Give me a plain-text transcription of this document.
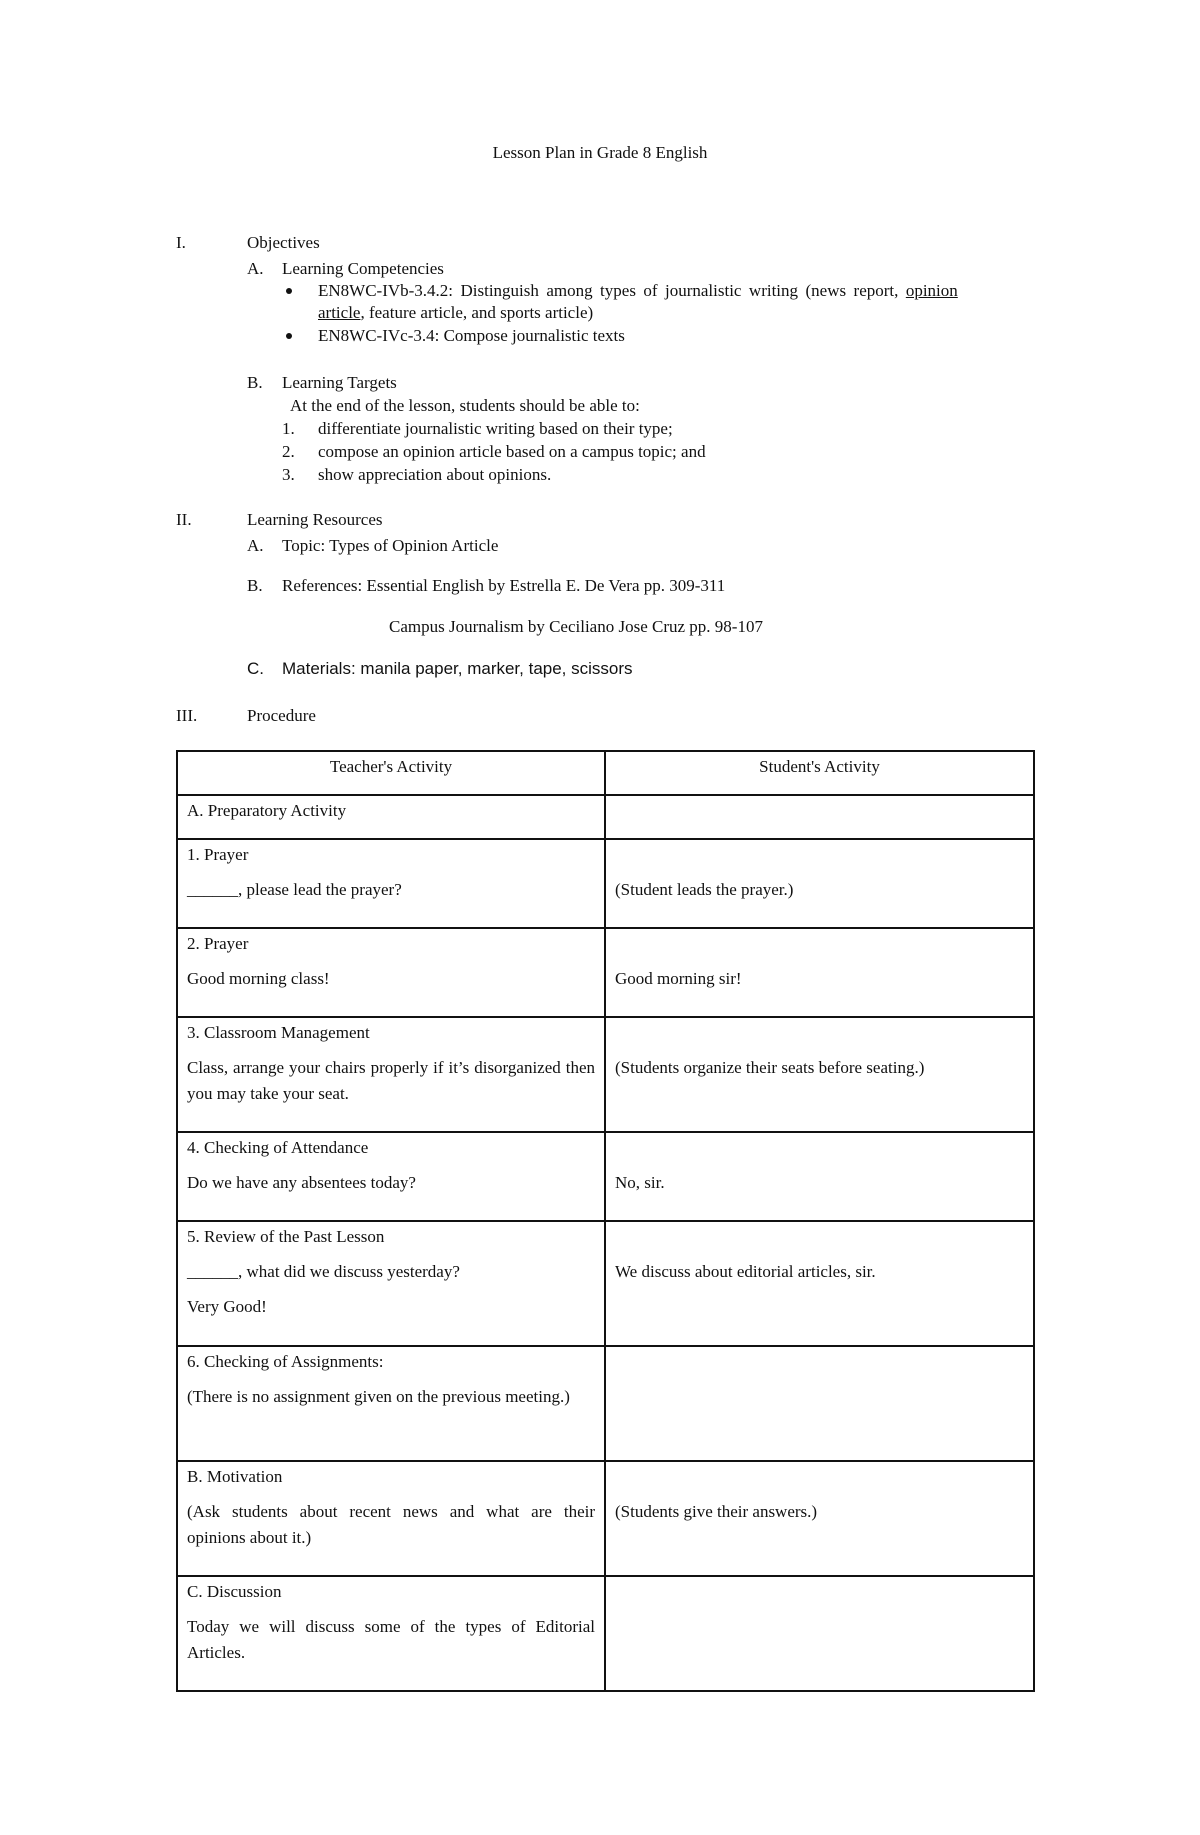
Lesson Plan in Grade 8 English
I.	Objectives
A. Learning Competencies
EN8WC-IVb-3.4.2: Distinguish among types of journalistic writing (news report, opinion
article, feature article, and sports article)
EN8WC-IVc-3.4: Compose journalistic texts
B. Learning Targets
At the end of the lesson, students should be able to:
1. differentiate journalistic writing based on their type;
2. compose an opinion article based on a campus topic; and
3. show appreciation about opinions.
II.	Learning Resources
A. Topic: Types of Opinion Article
B. References: Essential English by Estrella E. De Vera pp. 309-311
Campus Journalism by Ceciliano Jose Cruz pp. 98-107
C. Materials: manila paper, marker, tape, scissors
III.	Procedure
Teacher's Activity	Student's Activity

A. Preparatory Activity	

1. Prayer
______, please lead the prayer?	(Student leads the prayer.)

2. Prayer
Good morning class!	Good morning sir!

3. Classroom Management
Class, arrange your chairs properly if it’s disorganized then you may take your seat.	(Students organize their seats before seating.)

4. Checking of Attendance
Do we have any absentees today?	No, sir.

5. Review of the Past Lesson
______, what did we discuss yesterday?
Very Good!	We discuss about editorial articles, sir.

6. Checking of Assignments:
(There is no assignment given on the previous meeting.)	

B. Motivation
(Ask students about recent news and what are their opinions about it.)	(Students give their answers.)

C. Discussion
Today we will discuss some of the types of Editorial Articles.	
